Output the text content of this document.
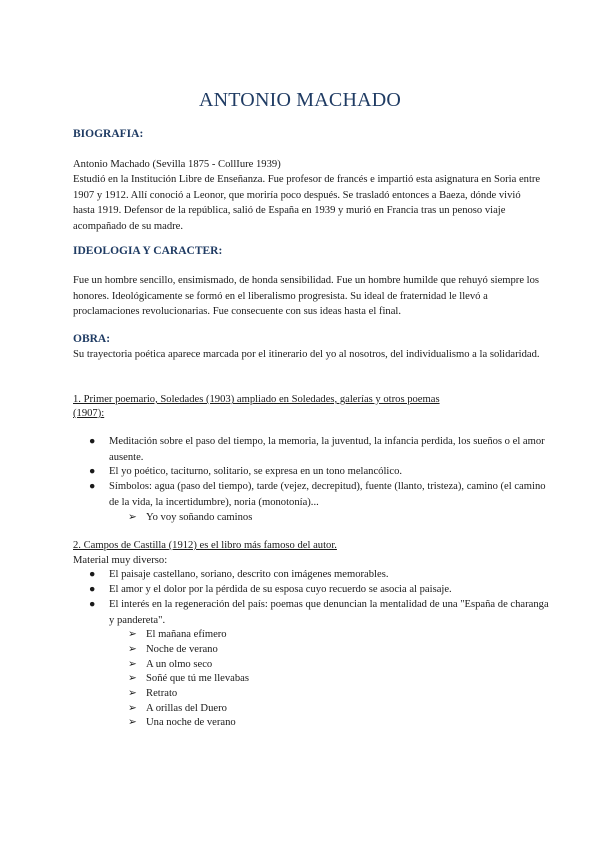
ANTONIO MACHADO
BIOGRAFIA:
Antonio Machado (Sevilla 1875 - CollIure 1939)
Estudió en la Institución Libre de Enseñanza. Fue profesor de francés e impartió esta asignatura en Soria entre 1907 y 1912. Allí conoció a Leonor, que moriría poco después. Se trasladó entonces a Baeza, dónde vivió hasta 1919. Defensor de la república, salió de España en 1939 y murió en Francia tras un penoso viaje acompañado de su madre.
IDEOLOGIA Y CARACTER:
Fue un hombre sencillo, ensimismado, de honda sensibilidad. Fue un hombre humilde que rehuyó siempre los honores. Ideológicamente se formó en el liberalismo progresista. Su ideal de fraternidad le llevó a proclamaciones revolucionarias. Fue consecuente con sus ideas hasta el final.
OBRA:
Su trayectoria poética aparece marcada por el itinerario del yo al nosotros, del individualismo a la solidaridad.
1. Primer poemario, Soledades (1903) ampliado en Soledades, galerías y otros poemas
(1907):
● Meditación sobre el paso del tiempo, la memoria, la juventud, la infancia perdida, los sueños o el amor ausente.
● El yo poético, taciturno, solitario, se expresa en un tono melancólico.
● Símbolos: agua (paso del tiempo), tarde (vejez, decrepitud), fuente (llanto, tristeza), camino (el camino de la vida, la incertidumbre), noria (monotonía)...
➢ Yo voy soñando caminos
2. Campos de Castilla (1912) es el libro más famoso del autor.
Material muy diverso:
● El paisaje castellano, soriano, descrito con imágenes memorables.
● El amor y el dolor por la pérdida de su esposa cuyo recuerdo se asocia al paisaje.
● El interés en la regeneración del país: poemas que denuncian la mentalidad de una "España de charanga y pandereta".
➢ El mañana efímero
➢ Noche de verano
➢ A un olmo seco
➢ Soñé que tú me llevabas
➢ Retrato
➢ A orillas del Duero
➢ Una noche de verano
